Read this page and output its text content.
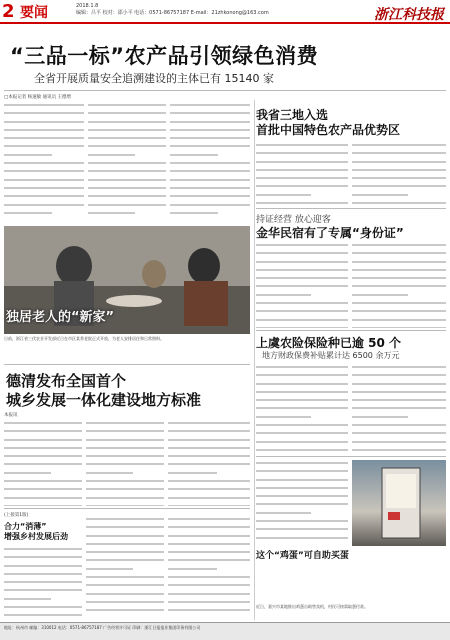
2 要闻	2018.1.8
编辑：吕平 校对：邵小平 电话：0571-86757187 E-mail：21zhkonong@163.com	浙江科技报
“三品一标”农产品引领绿色消费
全省开展质量安全追溯建设的主体已有 15140 家
□本报记者 杨速敏 通讯员 王德增
我省三地入选
首批中国特色农产品优势区
持证经营 放心迎客
金华民宿有了专属“身份证”
上虞农险保险种已逾 50 个
地方财政保费补贴累计达 6500 余万元
独居老人的“新家”
日前，浙江省三伏农业开发部近日在市区某养老院正式开放，为老人安排居住和日常照料。
德清发布全国首个
城乡发展一体化建设地方标准
本报讯
(上接第1版)
合力“消薄”
增强乡村发展后劲
这个“鸡蛋”可自助买蛋
近日，嘉兴市某地推出鸡蛋自助售卖机，村民可按需取蛋付款。
地址：杭州市 邮编：310012 电话：0571-86757187 广告经营许可证 印刷：浙江日报报业集团印务有限公司
